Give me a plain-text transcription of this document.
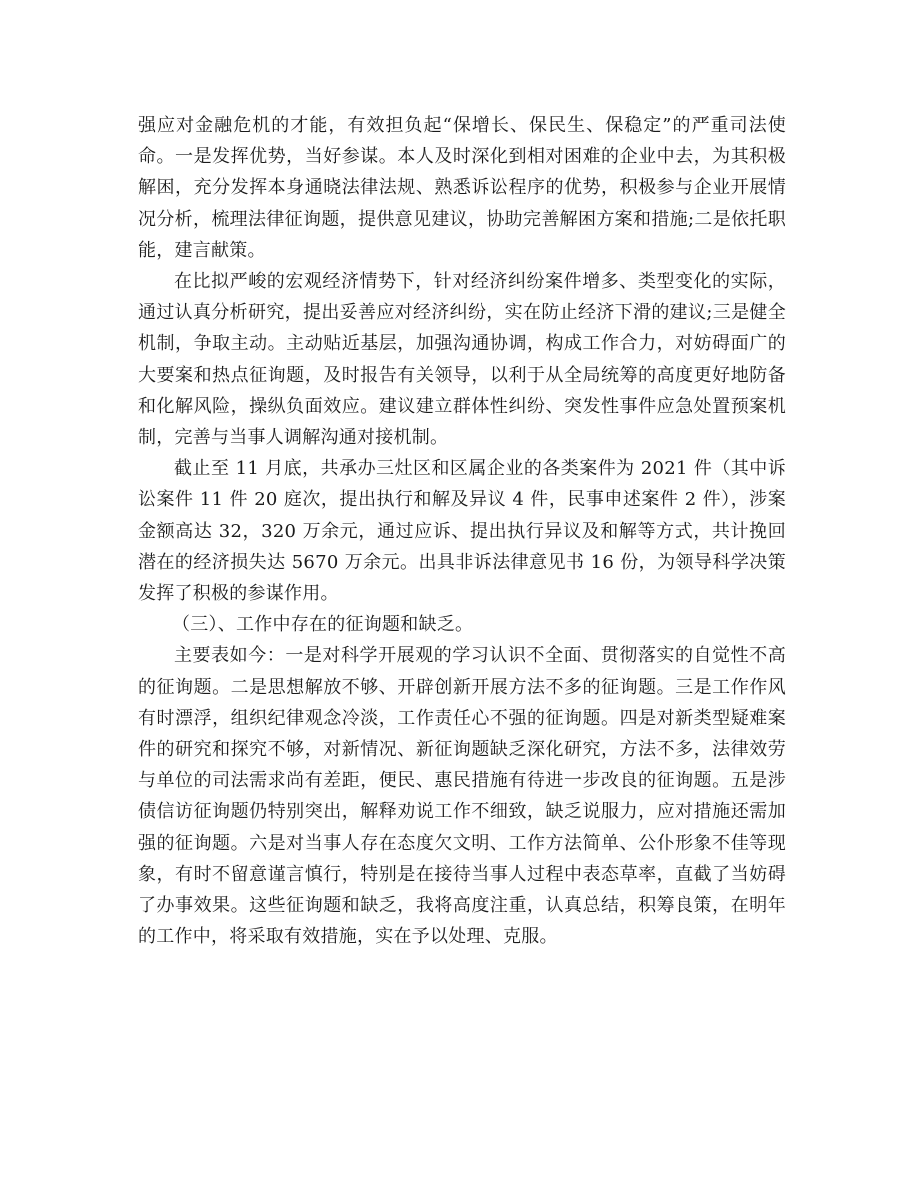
强应对金融危机的才能，有效担负起“保增长、保民生、保稳定”的严重司法使命。一是发挥优势，当好参谋。本人及时深化到相对困难的企业中去，为其积极解困，充分发挥本身通晓法律法规、熟悉诉讼程序的优势，积极参与企业开展情况分析，梳理法律征询题，提供意见建议，协助完善解困方案和措施;二是依托职能，建言献策。

在比拟严峻的宏观经济情势下，针对经济纠纷案件增多、类型变化的实际，通过认真分析研究，提出妥善应对经济纠纷，实在防止经济下滑的建议;三是健全机制，争取主动。主动贴近基层，加强沟通协调，构成工作合力，对妨碍面广的大要案和热点征询题，及时报告有关领导，以利于从全局统筹的高度更好地防备和化解风险，操纵负面效应。建议建立群体性纠纷、突发性事件应急处置预案机制，完善与当事人调解沟通对接机制。

截止至 11 月底，共承办三灶区和区属企业的各类案件为 2021 件（其中诉讼案件 11 件 20 庭次，提出执行和解及异议 4 件，民事申述案件 2 件），涉案金额高达 32，320 万余元，通过应诉、提出执行异议及和解等方式，共计挽回潜在的经济损失达 5670 万余元。出具非诉法律意见书 16 份，为领导科学决策发挥了积极的参谋作用。

（三）、工作中存在的征询题和缺乏。

主要表如今：一是对科学开展观的学习认识不全面、贯彻落实的自觉性不高的征询题。二是思想解放不够、开辟创新开展方法不多的征询题。三是工作作风有时漂浮，组织纪律观念冷淡，工作责任心不强的征询题。四是对新类型疑难案件的研究和探究不够，对新情况、新征询题缺乏深化研究，方法不多，法律效劳与单位的司法需求尚有差距，便民、惠民措施有待进一步改良的征询题。五是涉债信访征询题仍特别突出，解释劝说工作不细致，缺乏说服力，应对措施还需加强的征询题。六是对当事人存在态度欠文明、工作方法简单、公仆形象不佳等现象，有时不留意谨言慎行，特别是在接待当事人过程中表态草率，直截了当妨碍了办事效果。这些征询题和缺乏，我将高度注重，认真总结，积筹良策，在明年的工作中，将采取有效措施，实在予以处理、克服。
